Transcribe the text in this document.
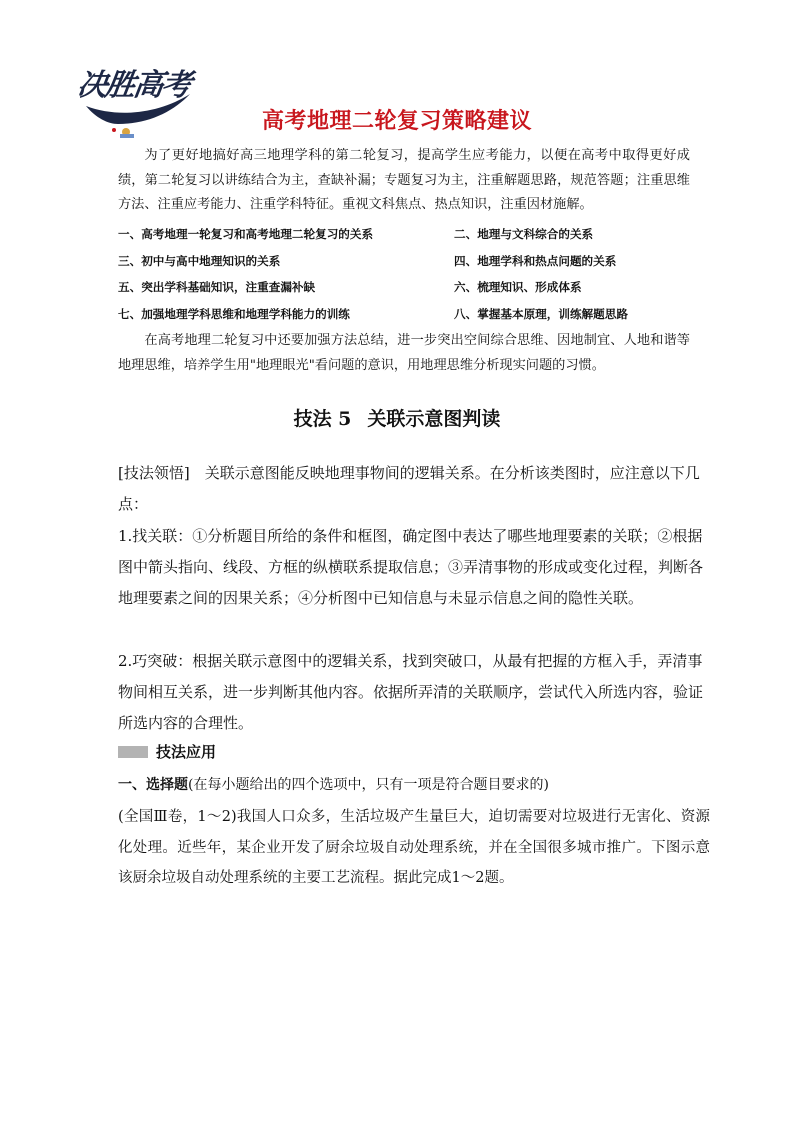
决胜高考
高考地理二轮复习策略建议
为了更好地搞好高三地理学科的第二轮复习，提高学生应考能力，以便在高考中取得更好成绩，第二轮复习以讲练结合为主，查缺补漏；专题复习为主，注重解题思路，规范答题；注重思维方法、注重应考能力、注重学科特征。重视文科焦点、热点知识，注重因材施解。
一、高考地理一轮复习和高考地理二轮复习的关系	二、地理与文科综合的关系
三、初中与高中地理知识的关系	四、地理学科和热点问题的关系
五、突出学科基础知识，注重查漏补缺	六、梳理知识、形成体系
七、加强地理学科思维和地理学科能力的训练	八、掌握基本原理，训练解题思路
在高考地理二轮复习中还要加强方法总结，进一步突出空间综合思维、因地制宜、人地和谐等地理思维，培养学生用"地理眼光"看问题的意识，用地理思维分析现实问题的习惯。
技法 5 关联示意图判读
[技法领悟]　关联示意图能反映地理事物间的逻辑关系。在分析该类图时，应注意以下几点：
1.找关联：①分析题目所给的条件和框图，确定图中表达了哪些地理要素的关联；②根据图中箭头指向、线段、方框的纵横联系提取信息；③弄清事物的形成或变化过程，判断各地理要素之间的因果关系；④分析图中已知信息与未显示信息之间的隐性关联。
2.巧突破：根据关联示意图中的逻辑关系，找到突破口，从最有把握的方框入手，弄清事物间相互关系，进一步判断其他内容。依据所弄清的关联顺序，尝试代入所选内容，验证所选内容的合理性。
技法应用
一、选择题(在每小题给出的四个选项中，只有一项是符合题目要求的)
(全国Ⅲ卷，1～2)我国人口众多，生活垃圾产生量巨大，迫切需要对垃圾进行无害化、资源化处理。近些年，某企业开发了厨余垃圾自动处理系统，并在全国很多城市推广。下图示意该厨余垃圾自动处理系统的主要工艺流程。据此完成1～2题。
